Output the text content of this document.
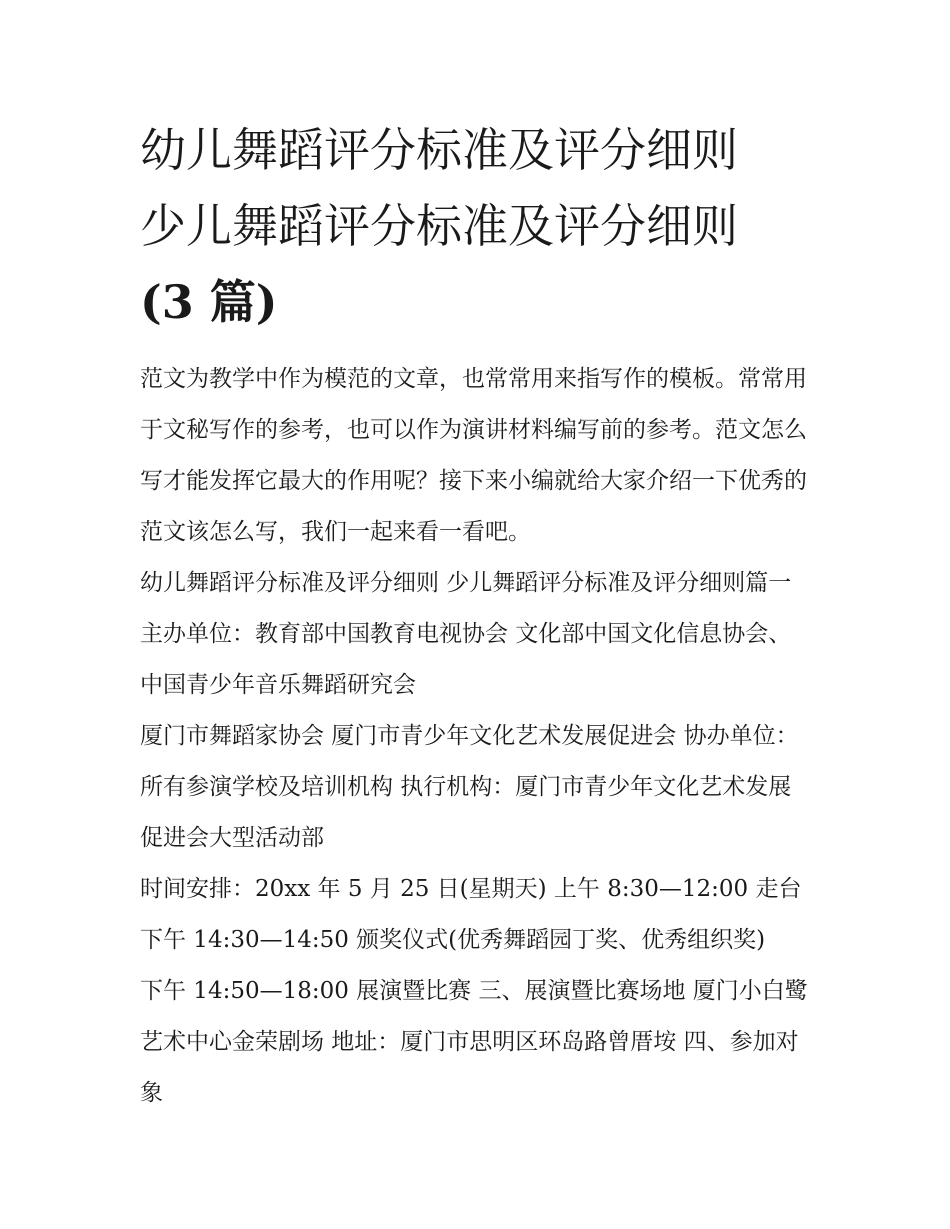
幼儿舞蹈评分标准及评分细则
少儿舞蹈评分标准及评分细则
(3 篇)

范文为教学中作为模范的文章，也常常用来指写作的模板。常常用于文秘写作的参考，也可以作为演讲材料编写前的参考。范文怎么写才能发挥它最大的作用呢？接下来小编就给大家介绍一下优秀的范文该怎么写，我们一起来看一看吧。

幼儿舞蹈评分标准及评分细则 少儿舞蹈评分标准及评分细则篇一 主办单位：教育部中国教育电视协会 文化部中国文化信息协会、 中国青少年音乐舞蹈研究会

厦门市舞蹈家协会 厦门市青少年文化艺术发展促进会 协办单位：所有参演学校及培训机构 执行机构：厦门市青少年文化艺术发展促进会大型活动部

时间安排：20xx 年 5 月 25 日(星期天) 上午 8:30—12:00 走台 下午 14:30—14:50 颁奖仪式(优秀舞蹈园丁奖、优秀组织奖)

下午 14:50—18:00 展演暨比赛 三、展演暨比赛场地 厦门小白鹭艺术中心金荣剧场 地址：厦门市思明区环岛路曾厝垵 四、参加对象
